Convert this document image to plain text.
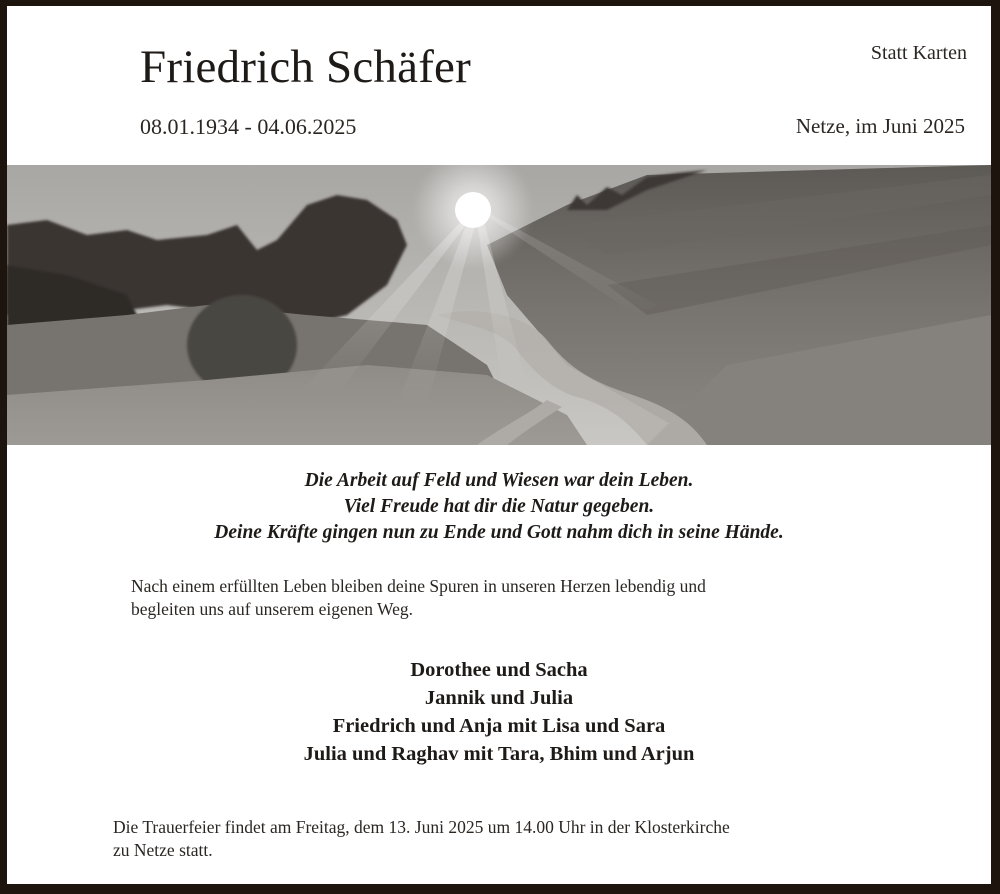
Friedrich Schäfer
08.01.1934 - 04.06.2025
Statt Karten
Netze, im Juni 2025
Die Arbeit auf Feld und Wiesen war dein Leben.
Viel Freude hat dir die Natur gegeben.
Deine Kräfte gingen nun zu Ende und Gott nahm dich in seine Hände.
Nach einem erfüllten Leben bleiben deine Spuren in unseren Herzen lebendig und
begleiten uns auf unserem eigenen Weg.
Dorothee und Sacha
Jannik und Julia
Friedrich und Anja mit Lisa und Sara
Julia und Raghav mit Tara, Bhim und Arjun
Die Trauerfeier findet am Freitag, dem 13. Juni 2025 um 14.00 Uhr in der Klosterkirche
zu Netze statt.
